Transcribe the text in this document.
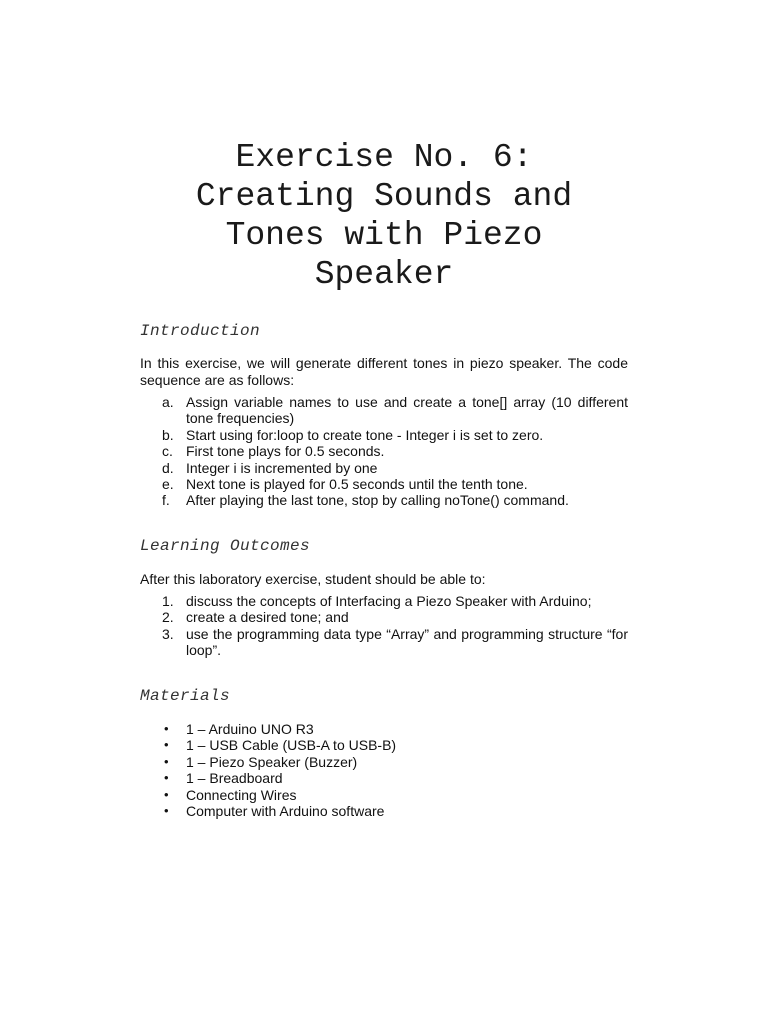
Exercise No. 6:
Creating Sounds and
Tones with Piezo
Speaker
Introduction

In this exercise, we will generate different tones in piezo speaker. The code sequence are as follows:

a. Assign variable names to use and create a tone[] array (10 different tone frequencies)
b. Start using for:loop to create tone - Integer i is set to zero.
c. First tone plays for 0.5 seconds.
d. Integer i is incremented by one
e. Next tone is played for 0.5 seconds until the tenth tone.
f. After playing the last tone, stop by calling noTone() command.
Learning Outcomes

After this laboratory exercise, student should be able to:

1. discuss the concepts of Interfacing a Piezo Speaker with Arduino;
2. create a desired tone; and
3. use the programming data type “Array” and programming structure “for loop”.
Materials
• 1 – Arduino UNO R3
• 1 – USB Cable (USB-A to USB-B)
• 1 – Piezo Speaker (Buzzer)
• 1 – Breadboard
• Connecting Wires
• Computer with Arduino software
